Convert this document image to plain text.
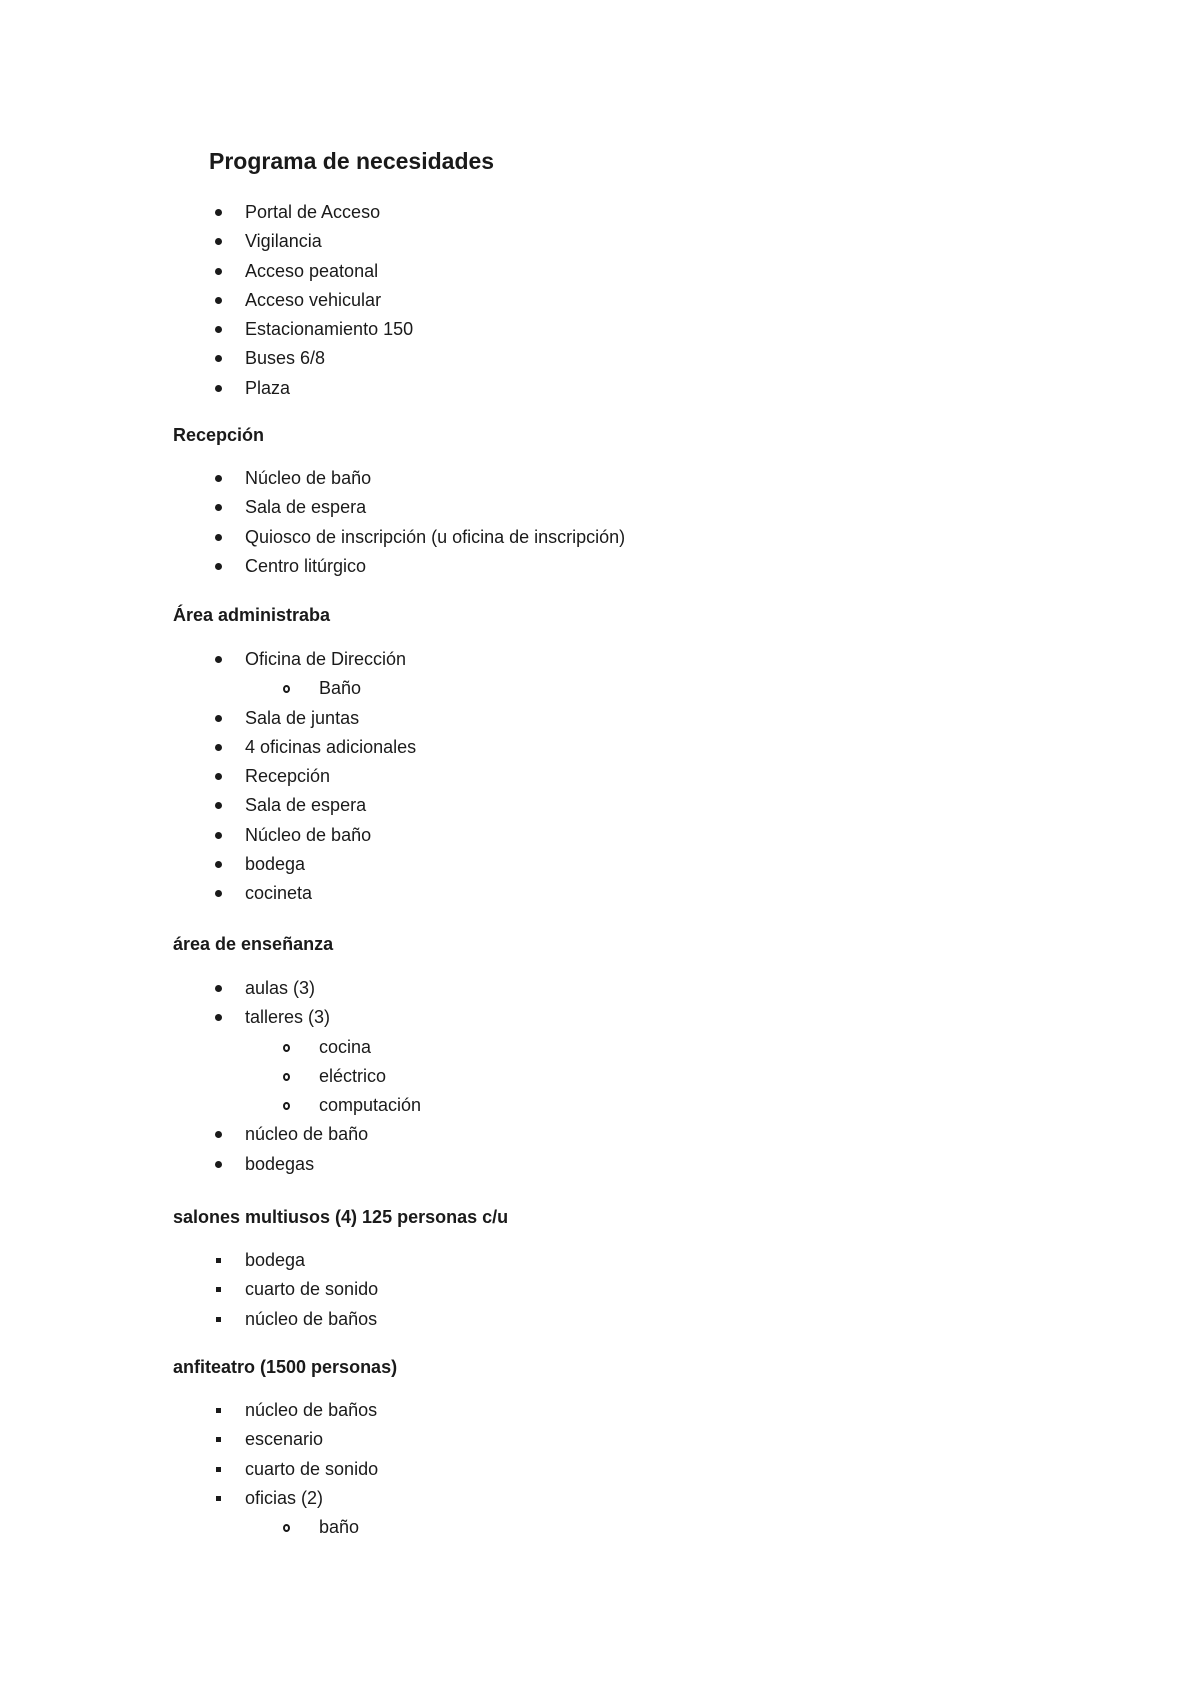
Programa de necesidades
Portal de Acceso
Vigilancia
Acceso peatonal
Acceso vehicular
Estacionamiento 150
Buses 6/8
Plaza
Recepción
Núcleo de baño
Sala de espera
Quiosco de inscripción (u oficina de inscripción)
Centro litúrgico
Área administraba
Oficina de Dirección
Baño
Sala de juntas
4 oficinas adicionales
Recepción
Sala de espera
Núcleo de baño
bodega
cocineta
área de enseñanza
aulas (3)
talleres (3)
cocina
eléctrico
computación
núcleo de baño
bodegas
salones multiusos (4) 125 personas c/u
bodega
cuarto de sonido
núcleo de baños
anfiteatro (1500 personas)
núcleo de baños
escenario
cuarto de sonido
oficias (2)
baño
